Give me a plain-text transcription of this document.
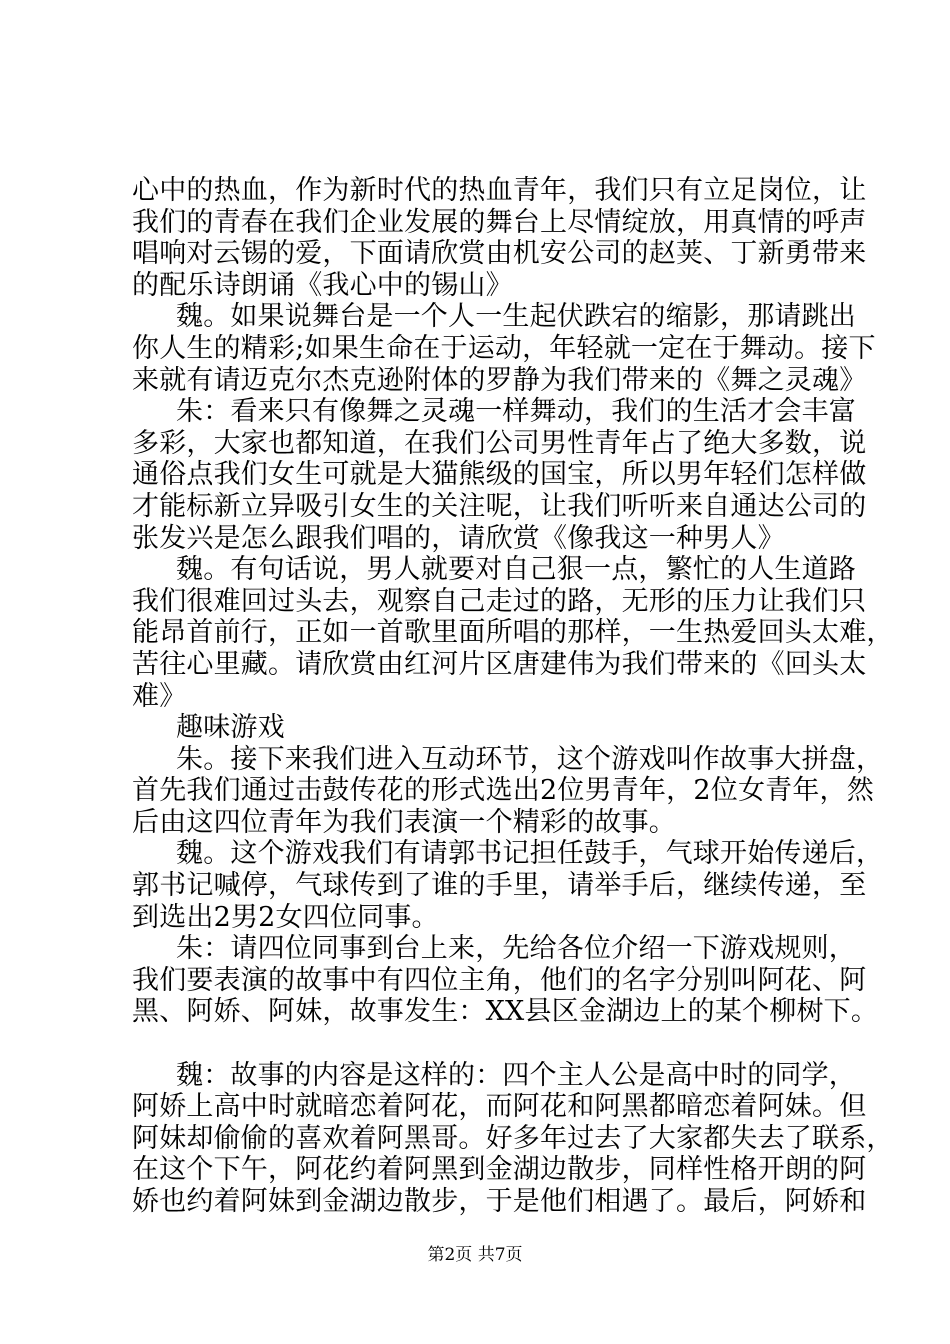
心中的热血，作为新时代的热血青年，我们只有立足岗位，让
我们的青春在我们企业发展的舞台上尽情绽放，用真情的呼声
唱响对云锡的爱，下面请欣赏由机安公司的赵荚、丁新勇带来
的配乐诗朗诵《我心中的锡山》
魏。如果说舞台是一个人一生起伏跌宕的缩影，那请跳出
你人生的精彩;如果生命在于运动，年轻就一定在于舞动。接下
来就有请迈克尔杰克逊附体的罗静为我们带来的《舞之灵魂》
朱：看来只有像舞之灵魂一样舞动，我们的生活才会丰富
多彩，大家也都知道，在我们公司男性青年占了绝大多数，说
通俗点我们女生可就是大猫熊级的国宝，所以男年轻们怎样做
才能标新立异吸引女生的关注呢，让我们听听来自通达公司的
张发兴是怎么跟我们唱的，请欣赏《像我这一种男人》
魏。有句话说，男人就要对自己狠一点，繁忙的人生道路
我们很难回过头去，观察自己走过的路，无形的压力让我们只
能昂首前行，正如一首歌里面所唱的那样，一生热爱回头太难，
苦往心里藏。请欣赏由红河片区唐建伟为我们带来的《回头太
难》
趣味游戏
朱。接下来我们进入互动环节，这个游戏叫作故事大拼盘，
首先我们通过击鼓传花的形式选出2位男青年，2位女青年，然
后由这四位青年为我们表演一个精彩的故事。
魏。这个游戏我们有请郭书记担任鼓手，气球开始传递后，
郭书记喊停，气球传到了谁的手里，请举手后，继续传递，至
到选出2男2女四位同事。
朱：请四位同事到台上来，先给各位介绍一下游戏规则，
我们要表演的故事中有四位主角，他们的名字分别叫阿花、阿
黑、阿娇、阿妹，故事发生：XX县区金湖边上的某个柳树下。
魏：故事的内容是这样的：四个主人公是高中时的同学，
阿娇上高中时就暗恋着阿花，而阿花和阿黑都暗恋着阿妹。但
阿妹却偷偷的喜欢着阿黑哥。好多年过去了大家都失去了联系，
在这个下午，阿花约着阿黑到金湖边散步，同样性格开朗的阿
娇也约着阿妹到金湖边散步，于是他们相遇了。最后，阿娇和
第2页 共7页
